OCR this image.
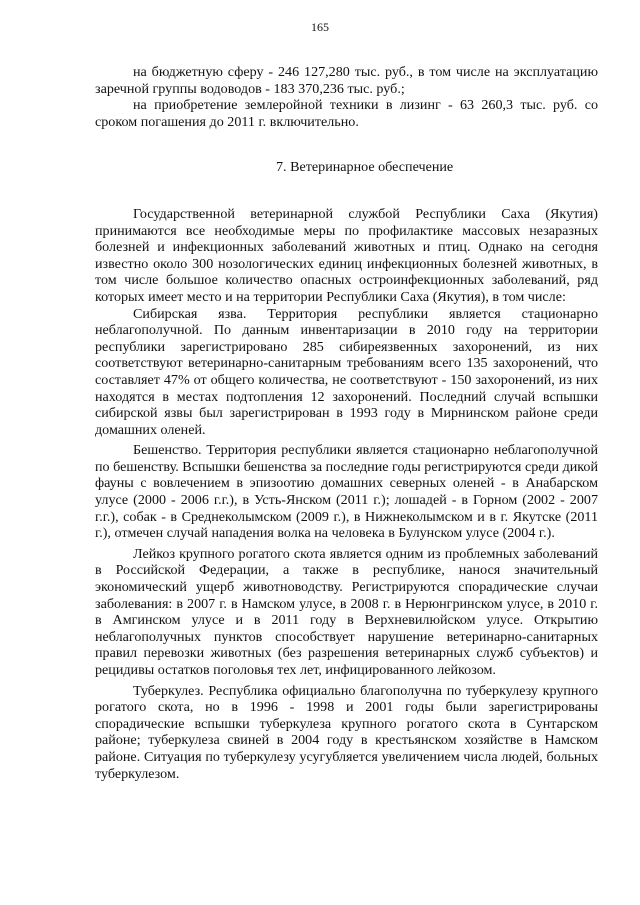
165

на бюджетную сферу - 246 127,280 тыс. руб., в том числе на эксплуатацию заречной группы водоводов - 183 370,236 тыс. руб.;

на приобретение землеройной техники в лизинг - 63 260,3 тыс. руб. со сроком погашения до 2011 г. включительно.

7. Ветеринарное обеспечение

Государственной ветеринарной службой Республики Саха (Якутия) принимаются все необходимые меры по профилактике массовых незаразных болезней и инфекционных заболеваний животных и птиц. Однако на сегодня известно около 300 нозологических единиц инфекционных болезней животных, в том числе большое количество опасных остроинфекционных заболеваний, ряд которых имеет место и на территории Республики Саха (Якутия), в том числе:

Сибирская язва. Территория республики является стационарно неблагополучной. По данным инвентаризации в 2010 году на территории республики зарегистрировано 285 сибиреязвенных захоронений, из них соответствуют ветеринарно-санитарным требованиям всего 135 захоронений, что составляет 47% от общего количества, не соответствуют - 150 захоронений, из них находятся в местах подтопления 12 захоронений. Последний случай вспышки сибирской язвы был зарегистрирован в 1993 году в Мирнинском районе среди домашних оленей.

Бешенство. Территория республики является стационарно неблагополучной по бешенству. Вспышки бешенства за последние годы регистрируются среди дикой фауны с вовлечением в эпизоотию домашних северных оленей - в Анабарском улусе (2000 - 2006 г.г.), в Усть-Янском (2011 г.); лошадей - в Горном (2002 - 2007 г.г.), собак - в Среднеколымском (2009 г.), в Нижнеколымском и в г. Якутске (2011 г.), отмечен случай нападения волка на человека в Булунском улусе (2004 г.).

Лейкоз крупного рогатого скота является одним из проблемных заболеваний в Российской Федерации, а также в республике, нанося значительный экономический ущерб животноводству. Регистрируются спорадические случаи заболевания: в 2007 г. в Намском улусе, в 2008 г. в Нерюнгринском улусе, в 2010 г. в Амгинском улусе и в 2011 году в Верхневилюйском улусе. Открытию неблагополучных пунктов способствует нарушение ветеринарно-санитарных правил перевозки животных (без разрешения ветеринарных служб субъектов) и рецидивы остатков поголовья тех лет, инфицированного лейкозом.

Туберкулез. Республика официально благополучна по туберкулезу крупного рогатого скота, но в 1996 - 1998 и 2001 годы были зарегистрированы спорадические вспышки туберкулеза крупного рогатого скота в Сунтарском районе; туберкулеза свиней в 2004 году в крестьянском хозяйстве в Намском районе. Ситуация по туберкулезу усугубляется увеличением числа людей, больных туберкулезом.
